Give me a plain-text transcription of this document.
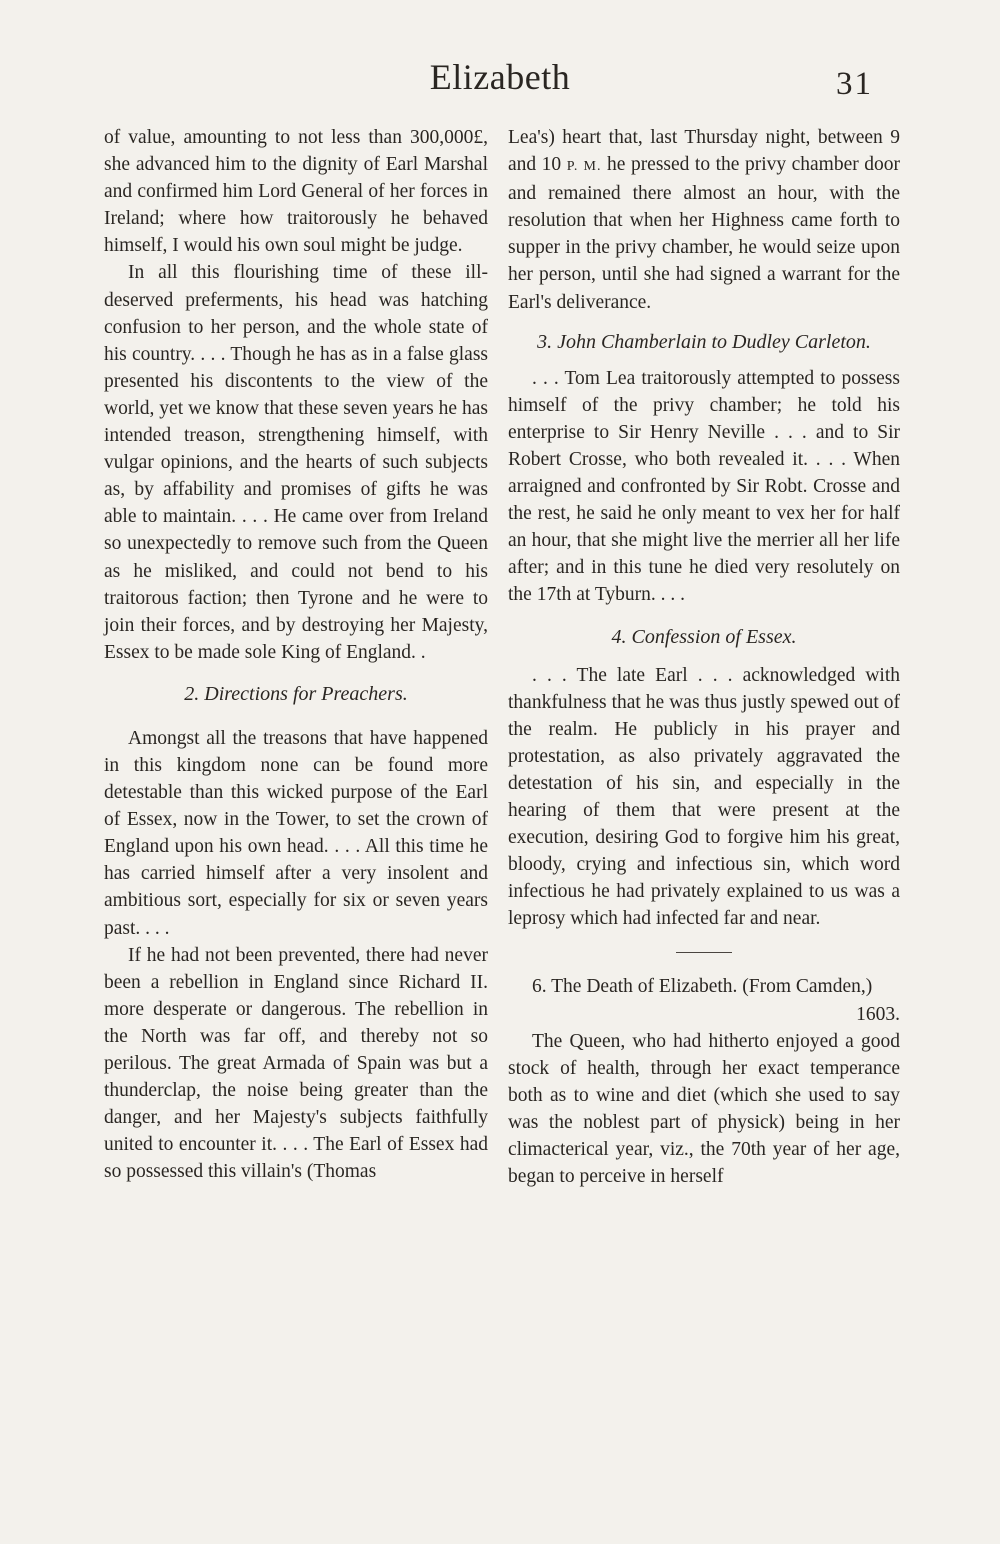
Elizabeth	31

of value, amounting to not less than 300,000£, she advanced him to the dignity of Earl Marshal and confirmed him Lord General of her forces in Ireland; where how traitorously he behaved himself, I would his own soul might be judge.

In all this flourishing time of these ill-deserved preferments, his head was hatching confusion to her person, and the whole state of his country. . . . Though he has as in a false glass presented his discontents to the view of the world, yet we know that these seven years he has intended treason, strengthening himself, with vulgar opinions, and the hearts of such subjects as, by affability and promises of gifts he was able to maintain. . . . He came over from Ireland so unexpectedly to remove such from the Queen as he misliked, and could not bend to his traitorous faction; then Tyrone and he were to join their forces, and by destroying her Majesty, Essex to be made sole King of England. .

2. Directions for Preachers.

Amongst all the treasons that have happened in this kingdom none can be found more detestable than this wicked purpose of the Earl of Essex, now in the Tower, to set the crown of England upon his own head. . . . All this time he has carried himself after a very insolent and ambitious sort, especially for six or seven years past. . . .

If he had not been prevented, there had never been a rebellion in England since Richard II. more desperate or dangerous. The rebellion in the North was far off, and thereby not so perilous. The great Armada of Spain was but a thunderclap, the noise being greater than the danger, and her Majesty's subjects faithfully united to encounter it. . . . The Earl of Essex had so possessed this villain's (Thomas

Lea's) heart that, last Thursday night, between 9 and 10 P. M. he pressed to the privy chamber door and remained there almost an hour, with the resolution that when her Highness came forth to supper in the privy chamber, he would seize upon her person, until she had signed a warrant for the Earl's deliverance.

3. John Chamberlain to Dudley Carleton.

. . . Tom Lea traitorously attempted to possess himself of the privy chamber; he told his enterprise to Sir Henry Neville . . . and to Sir Robert Crosse, who both revealed it. . . . When arraigned and confronted by Sir Robt. Crosse and the rest, he said he only meant to vex her for half an hour, that she might live the merrier all her life after; and in this tune he died very resolutely on the 17th at Tyburn. . . .

4. Confession of Essex.

. . . The late Earl . . . acknowledged with thankfulness that he was thus justly spewed out of the realm. He publicly in his prayer and protestation, as also privately aggravated the detestation of his sin, and especially in the hearing of them that were present at the execution, desiring God to forgive him his great, bloody, crying and infectious sin, which word infectious he had privately explained to us was a leprosy which had infected far and near.

6. The Death of Elizabeth. (From Camden,)

1603.

The Queen, who had hitherto enjoyed a good stock of health, through her exact temperance both as to wine and diet (which she used to say was the noblest part of physick) being in her climacterical year, viz., the 70th year of her age, began to perceive in herself
